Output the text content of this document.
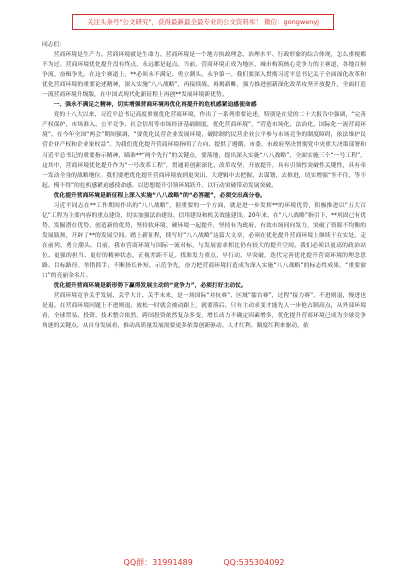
关注头条号"公文研究"，获得最新最全最专业的公文资料库！ 微信：gongwenyj

同志们：

营商环境是生产力。营商环境就是生命力。营商环境是一个地方执政理念、治理水平、行政形象的综合体现，怎么重视都不为过。营商环境优化提升没有终点，永远都是起点。当前，营商环境正成为地区、城市构筑核心竞争力的主赛道，各地百舸争流、奋楫争先。在这个赛道上，**必须永不满足、勇立潮头、永争第一。我们要深入贯彻习近平总书记关于全面深化改革和优化营商环境的重要论述精神，深入实施“八八战略”，再接续战、再揭新帷，强力推进创新深化改革攻坚开放提升，全面打造一流营商环境升级版，在中国式现代化新征程上再创**发展环境新优势。

一、强永不满足之精神，切实增强营商环境再优化再提升的危机感紧迫感使命感

党的十八大以来，习近平总书记高度重视优化营商环境，作出了一系列重要论述，特别是在党的二十大报告中强调，“完善产权保护、市场准入、公平竞争、社会信用等市场经济基础制度，优化营商环境”，“营造市场化、法治化、国际化一流营商环境”。在今年全国“两会”期间强调，“要优化民营企业发展环境，破除制约民营企业公平参与市场竞争的制度障碍，依法维护民营企业产权和企业家权益”。为我们优化提升营商环境指明了方向、提供了遵循。市委、市政府坚决贯彻党中央重大决策部署和习近平总书记的重要指示精神，瞄准**“两个先行”的关键点，要落地，提出深入实施“八八战略”、全面实施三个“一号工程”，这其中，营商环境优化提升作为“一号改革工程”，贯通着创新深化、改革攻坚、开放提升，具有引领性突破性关键性，具有牵一发动全身的战略地位。我们要把优化提升营商环境放到更突出、大逻辑中去把握、去谋划、去推进，切实增强“坐不住、等不起、慢不得”的危机感紧迫感使命感，以思想提升引领环境跃升、以行动突破带动发展突破。

优化提升营商环境是新征程上深入实施“八八战略”的“必答题”，必须交出高分卷。

习近平同志在**工作期间作出的“八八战略”，很重要的一个方面，就是进一步发挥**的环境优势，积极推进以“五大百亿”工程为主要内容的重点建设，切实加强法治建设、信用建设和机关效能建设。20年来，在“八八战略”指引下，**巩固已有优势、发掘潜在优势、创造新的优势，坚持软环境、硬环境一起提升，坚持有为政府、有效市场同向发力，突破了资源不均衡的发展瓶颈，开辟了**的发展空间。踏上新征程，续写好“八八战略”这篇大文章，必须在优化提升营商环境上继续干在实处、走在前列、勇立潮头。目前，我市营商环境与国际一流对标，与发展需求相比仍有较大的提升空间。我们必须以更高的政治站位、更强的担当、更好的精神状态，正视差距不足，找准发力重点，早行动、早突破，迭代完善优化提升营商环境的理念思路、目标路径、举措抓手，不断扬长补短、示范争先，奋力把营商环境打造成为深入实施“八八战略”的标志性成果、“重要窗口”的亮丽金名片。

优化提升营商环境是新形势下赢得发展主动的“竞争力”，必须打好主动仗。

营商环境竞争关乎发展、关乎大计、关乎未来，是一场国际“对抗赛”、区域“擂台赛”，过程“接力赛”，不进则退，慢进也是退。在营商环境问题上不进则退、放松一时就会被动跟上，就要落后。只有主动求变才能先人一步抢占制高点，从外部环境看，全球贸易、投资、技术整合依然，跨国投资依然复杂多变，增长动力不确定因素增多，优化提升营商环境已成为全球竞争角逐的关键点。从自身发展看，推动高质量发展需要更多依靠创新驱动、人才红利、制度红利来驱动，依

QQ群：31991489	QQ:535304092
